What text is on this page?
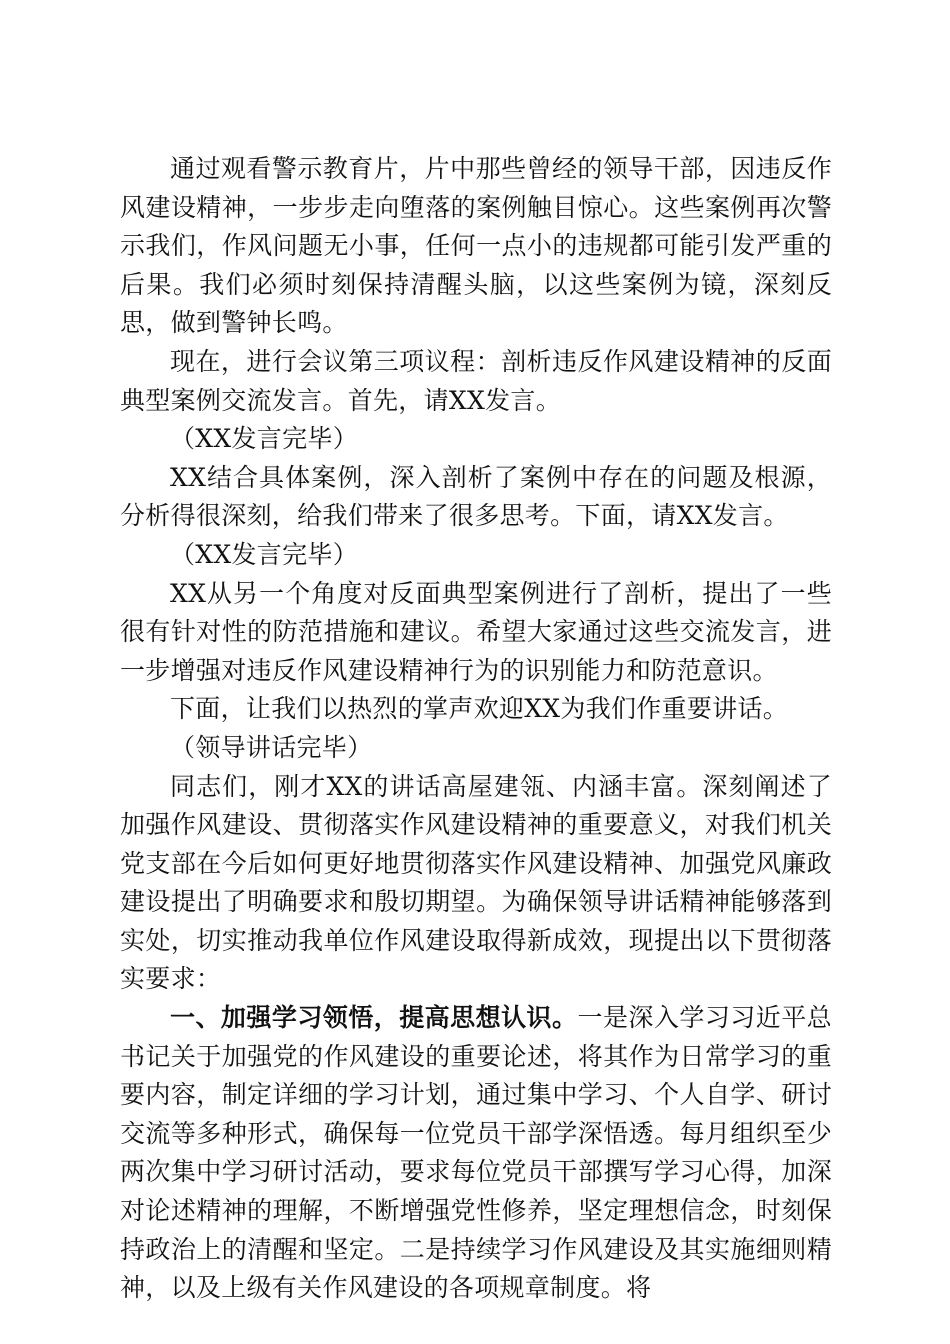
通过观看警示教育片，片中那些曾经的领导干部，因违反作风建设精神，一步步走向堕落的案例触目惊心。这些案例再次警示我们，作风问题无小事，任何一点小的违规都可能引发严重的后果。我们必须时刻保持清醒头脑，以这些案例为镜，深刻反思，做到警钟长鸣。

现在，进行会议第三项议程：剖析违反作风建设精神的反面典型案例交流发言。首先，请XX发言。

（XX发言完毕）

XX结合具体案例，深入剖析了案例中存在的问题及根源，分析得很深刻，给我们带来了很多思考。下面，请XX发言。

（XX发言完毕）

XX从另一个角度对反面典型案例进行了剖析，提出了一些很有针对性的防范措施和建议。希望大家通过这些交流发言，进一步增强对违反作风建设精神行为的识别能力和防范意识。

下面，让我们以热烈的掌声欢迎XX为我们作重要讲话。

（领导讲话完毕）

同志们，刚才XX的讲话高屋建瓴、内涵丰富。深刻阐述了加强作风建设、贯彻落实作风建设精神的重要意义，对我们机关党支部在今后如何更好地贯彻落实作风建设精神、加强党风廉政建设提出了明确要求和殷切期望。为确保领导讲话精神能够落到实处，切实推动我单位作风建设取得新成效，现提出以下贯彻落实要求：

一、加强学习领悟，提高思想认识。一是深入学习习近平总书记关于加强党的作风建设的重要论述，将其作为日常学习的重要内容，制定详细的学习计划，通过集中学习、个人自学、研讨交流等多种形式，确保每一位党员干部学深悟透。每月组织至少两次集中学习研讨活动，要求每位党员干部撰写学习心得，加深对论述精神的理解，不断增强党性修养，坚定理想信念，时刻保持政治上的清醒和坚定。二是持续学习作风建设及其实施细则精神，以及上级有关作风建设的各项规章制度。将
